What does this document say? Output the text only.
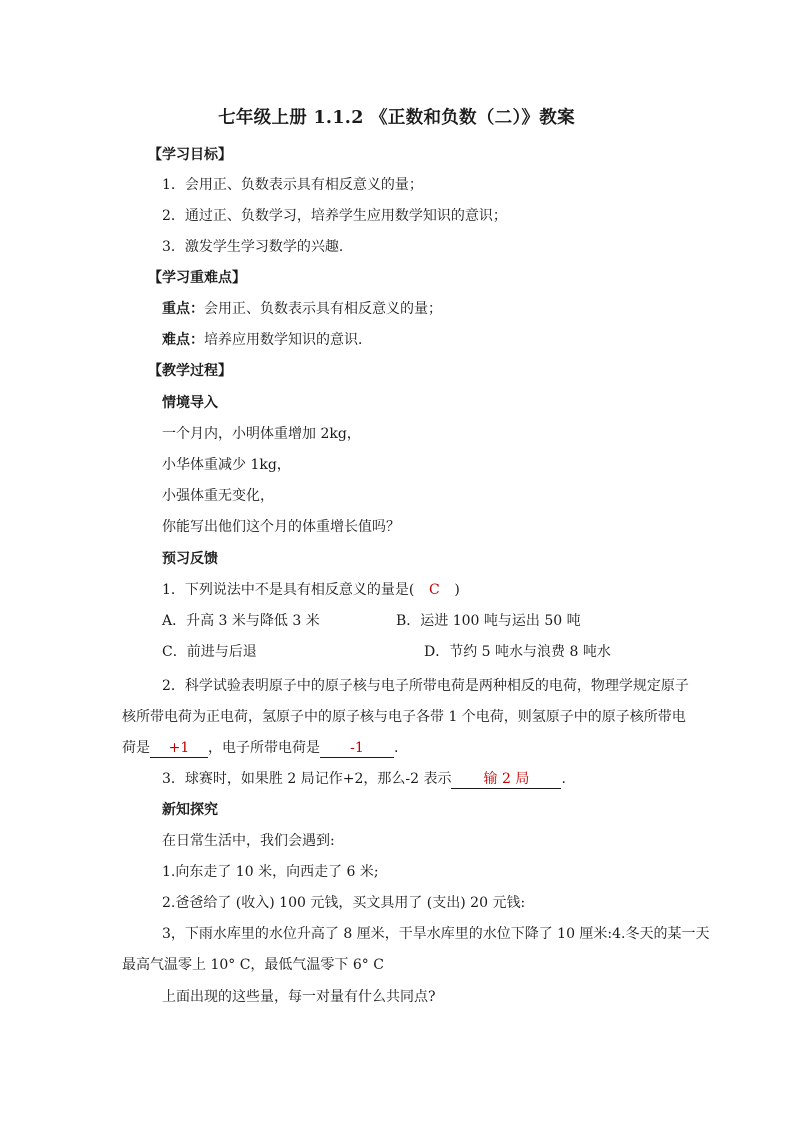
七年级上册 1.1.2 《正数和负数（二）》教案

【学习目标】

1．会用正、负数表示具有相反意义的量；

2．通过正、负数学习，培养学生应用数学知识的意识；

3．激发学生学习数学的兴趣．

【学习重难点】

重点：会用正、负数表示具有相反意义的量；

难点：培养应用数学知识的意识．

【教学过程】

情境导入

一个月内，小明体重增加 2kg，

小华体重减少 1kg，

小强体重无变化，

你能写出他们这个月的体重增长值吗？

预习反馈

1．下列说法中不是具有相反意义的量是( C )

A．升高 3 米与降低 3 米	B．运进 100 吨与运出 50 吨

C．前进与后退	D．节约 5 吨水与浪费 8 吨水

2．科学试验表明原子中的原子核与电子所带电荷是两种相反的电荷，物理学规定原子

核所带电荷为正电荷，氢原子中的原子核与电子各带 1 个电荷，则氢原子中的原子核所带电

荷是 +1 ，电子所带电荷是 -1 .

3．球赛时，如果胜 2 局记作+2，那么-2 表示 输 2 局 .

新知探究

在日常生活中，我们会遇到:

1.向东走了 10 米，向西走了 6 米;

2.爸爸给了 (收入) 100 元钱，买文具用了 (支出) 20 元钱:

3，下雨水库里的水位升高了 8 厘米，干旱水库里的水位下降了 10 厘米:4.冬天的某一天

最高气温零上 10° C，最低气温零下 6° C

上面出现的这些量，每一对量有什么共同点?
